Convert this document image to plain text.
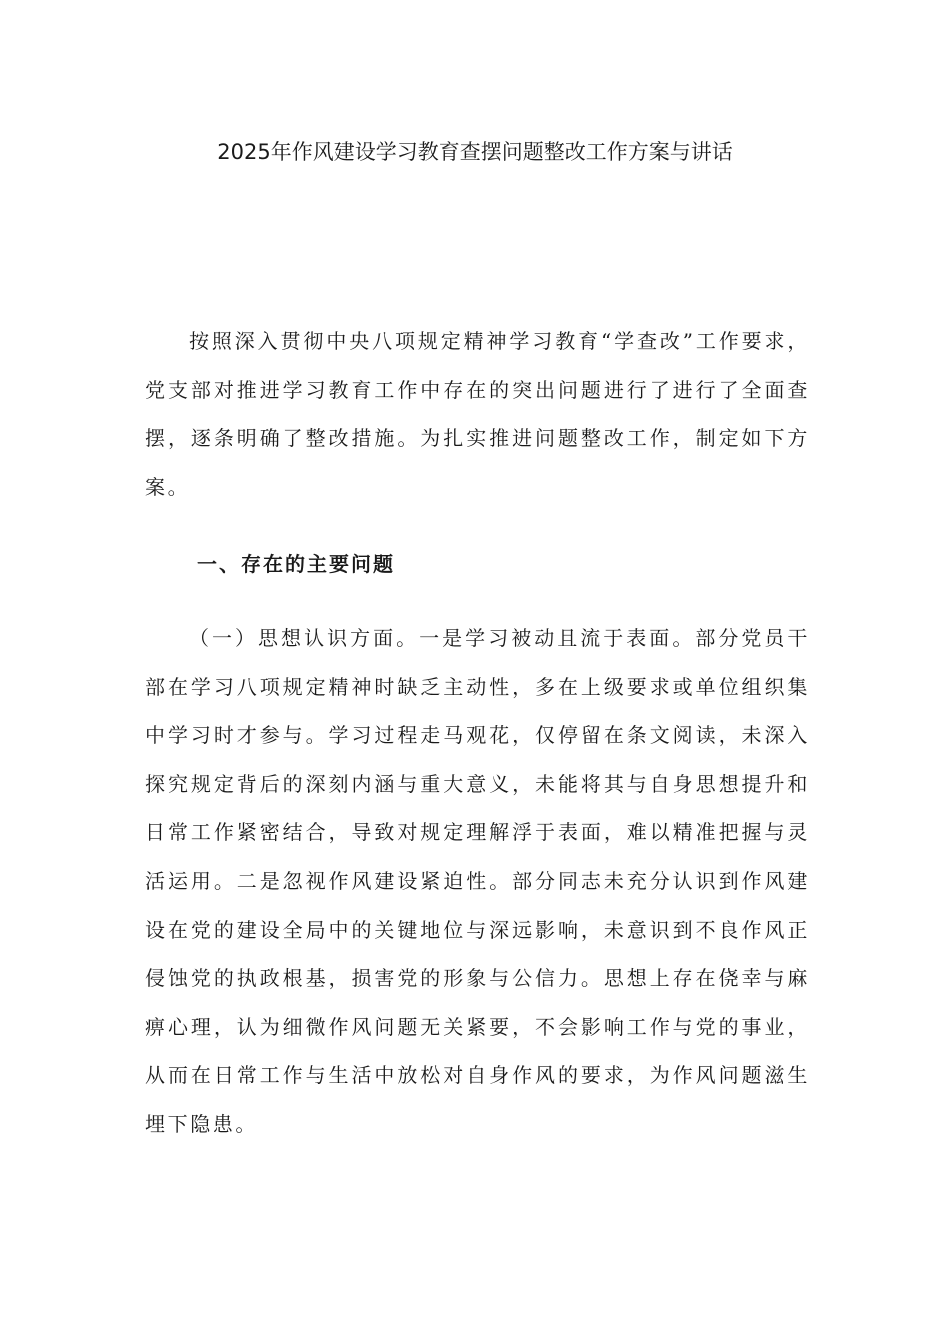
2025年作风建设学习教育查摆问题整改工作方案与讲话

按照深入贯彻中央八项规定精神学习教育“学查改”工作要求，党支部对推进学习教育工作中存在的突出问题进行了进行了全面查摆，逐条明确了整改措施。为扎实推进问题整改工作，制定如下方案。

一、存在的主要问题

（一）思想认识方面。一是学习被动且流于表面。部分党员干部在学习八项规定精神时缺乏主动性，多在上级要求或单位组织集中学习时才参与。学习过程走马观花，仅停留在条文阅读，未深入探究规定背后的深刻内涵与重大意义，未能将其与自身思想提升和日常工作紧密结合，导致对规定理解浮于表面，难以精准把握与灵活运用。二是忽视作风建设紧迫性。部分同志未充分认识到作风建设在党的建设全局中的关键地位与深远影响，未意识到不良作风正侵蚀党的执政根基，损害党的形象与公信力。思想上存在侥幸与麻痹心理，认为细微作风问题无关紧要，不会影响工作与党的事业，从而在日常工作与生活中放松对自身作风的要求，为作风问题滋生埋下隐患。
